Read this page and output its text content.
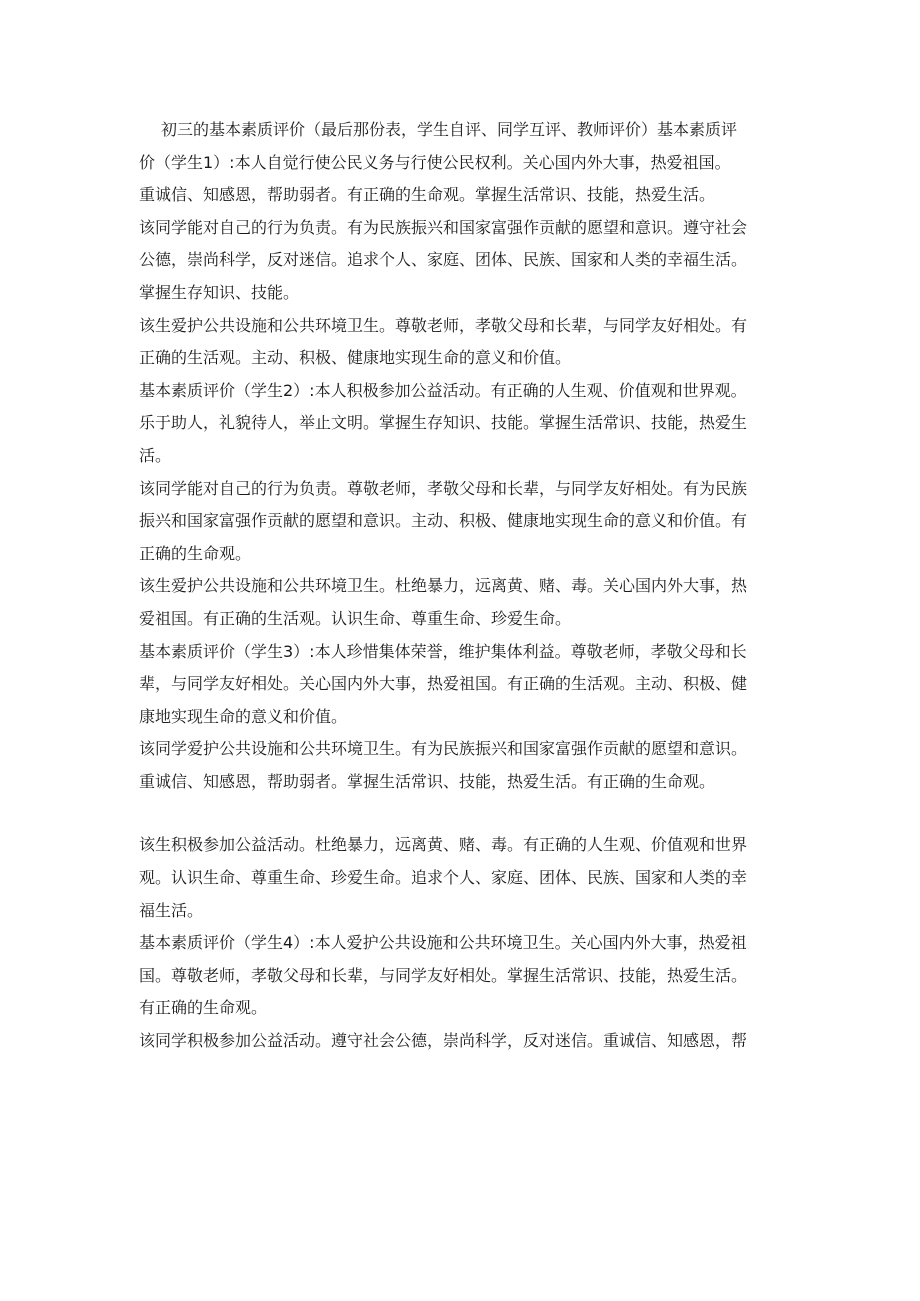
初三的基本素质评价（最后那份表，学生自评、同学互评、教师评价）基本素质评
价（学生1）:本人自觉行使公民义务与行使公民权利。关心国内外大事，热爱祖国。
重诚信、知感恩，帮助弱者。有正确的生命观。掌握生活常识、技能，热爱生活。
该同学能对自己的行为负责。有为民族振兴和国家富强作贡献的愿望和意识。遵守社会
公德，崇尚科学，反对迷信。追求个人、家庭、团体、民族、国家和人类的幸福生活。
掌握生存知识、技能。
该生爱护公共设施和公共环境卫生。尊敬老师，孝敬父母和长辈，与同学友好相处。有
正确的生活观。主动、积极、健康地实现生命的意义和价值。
基本素质评价（学生2）:本人积极参加公益活动。有正确的人生观、价值观和世界观。
乐于助人，礼貌待人，举止文明。掌握生存知识、技能。掌握生活常识、技能，热爱生
活。
该同学能对自己的行为负责。尊敬老师，孝敬父母和长辈，与同学友好相处。有为民族
振兴和国家富强作贡献的愿望和意识。主动、积极、健康地实现生命的意义和价值。有
正确的生命观。
该生爱护公共设施和公共环境卫生。杜绝暴力，远离黄、赌、毒。关心国内外大事，热
爱祖国。有正确的生活观。认识生命、尊重生命、珍爱生命。
基本素质评价（学生3）:本人珍惜集体荣誉，维护集体利益。尊敬老师，孝敬父母和长
辈，与同学友好相处。关心国内外大事，热爱祖国。有正确的生活观。主动、积极、健
康地实现生命的意义和价值。
该同学爱护公共设施和公共环境卫生。有为民族振兴和国家富强作贡献的愿望和意识。
重诚信、知感恩，帮助弱者。掌握生活常识、技能，热爱生活。有正确的生命观。
该生积极参加公益活动。杜绝暴力，远离黄、赌、毒。有正确的人生观、价值观和世界
观。认识生命、尊重生命、珍爱生命。追求个人、家庭、团体、民族、国家和人类的幸
福生活。
基本素质评价（学生4）:本人爱护公共设施和公共环境卫生。关心国内外大事，热爱祖
国。尊敬老师，孝敬父母和长辈，与同学友好相处。掌握生活常识、技能，热爱生活。
有正确的生命观。
该同学积极参加公益活动。遵守社会公德，崇尚科学，反对迷信。重诚信、知感恩，帮
